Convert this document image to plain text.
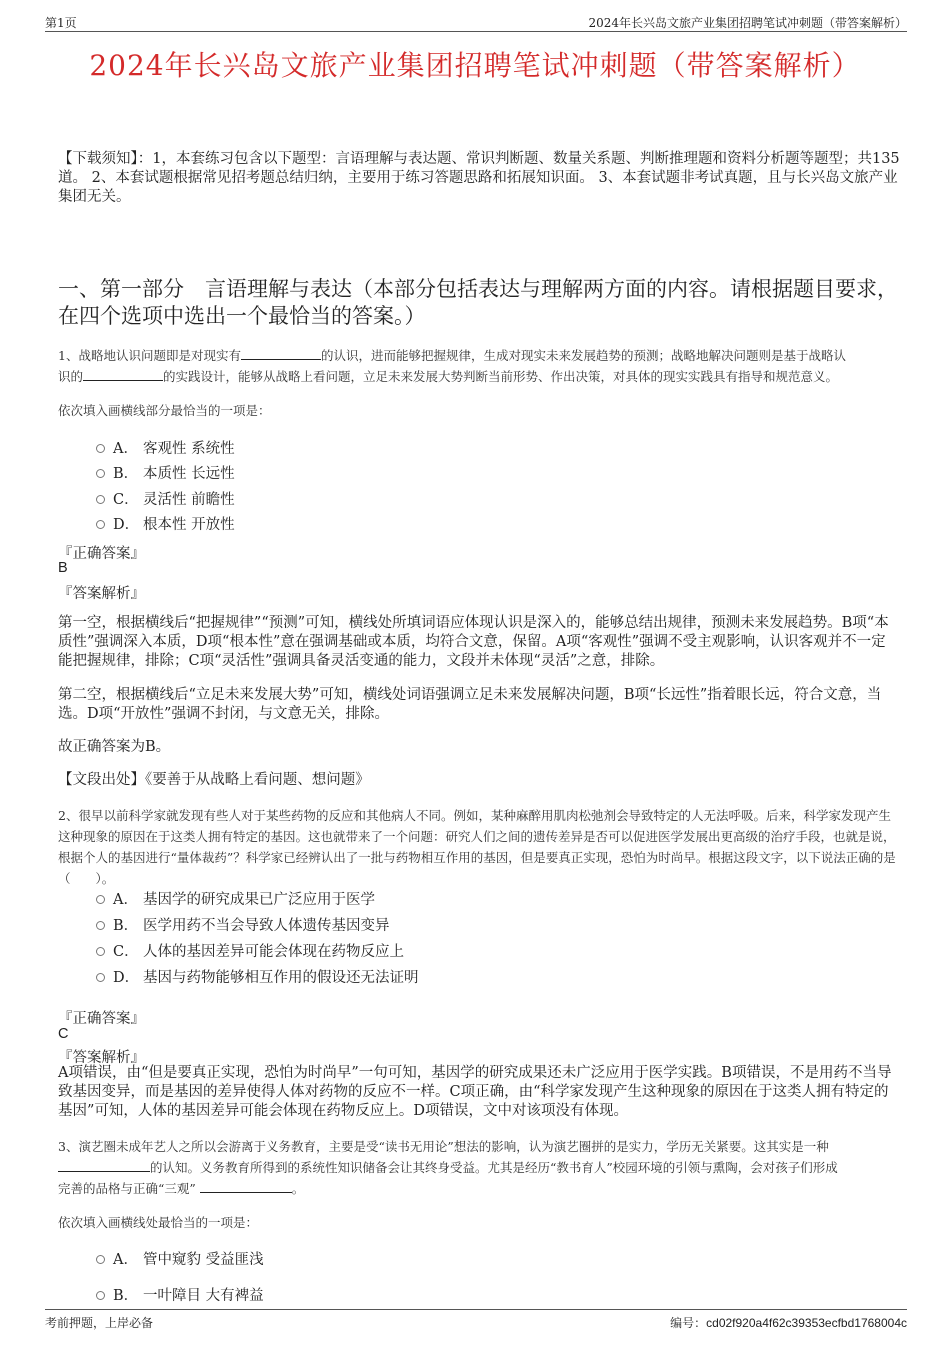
第1页	2024年长兴岛文旅产业集团招聘笔试冲刺题（带答案解析）
2024年长兴岛文旅产业集团招聘笔试冲刺题（带答案解析）
【下载须知】：1，本套练习包含以下题型：言语理解与表达题、常识判断题、数量关系题、判断推理题和资料分析题等题型；共135道。 2、本套试题根据常见招考题总结归纳，主要用于练习答题思路和拓展知识面。 3、本套试题非考试真题，且与长兴岛文旅产业集团无关。
一、第一部分　言语理解与表达（本部分包括表达与理解两方面的内容。请根据题目要求，在四个选项中选出一个最恰当的答案。）
1、战略地认识问题即是对现实有	的认识，进而能够把握规律，生成对现实未来发展趋势的预测；战略地解决问题则是基于战略认
识的	的实践设计，能够从战略上看问题，立足未来发展大势判断当前形势、作出决策，对具体的现实实践具有指导和规范意义。
依次填入画横线部分最恰当的一项是：
A． 客观性 系统性
B． 本质性 长远性
C． 灵活性 前瞻性
D． 根本性 开放性
『正确答案』
B
『答案解析』
第一空，根据横线后“把握规律”“预测”可知，横线处所填词语应体现认识是深入的，能够总结出规律，预测未来发展趋势。B项“本质性”强调深入本质，D项“根本性”意在强调基础或本质，均符合文意，保留。A项“客观性”强调不受主观影响，认识客观并不一定能把握规律，排除；C项“灵活性”强调具备灵活变通的能力，文段并未体现“灵活”之意，排除。
第二空，根据横线后“立足未来发展大势”可知，横线处词语强调立足未来发展解决问题，B项“长远性”指着眼长远，符合文意，当选。D项“开放性”强调不封闭，与文意无关，排除。
故正确答案为B。
【文段出处】《要善于从战略上看问题、想问题》
2、很早以前科学家就发现有些人对于某些药物的反应和其他病人不同。例如，某种麻醉用肌肉松弛剂会导致特定的人无法呼吸。后来，科学家发现产生这种现象的原因在于这类人拥有特定的基因。这也就带来了一个问题：研究人们之间的遗传差异是否可以促进医学发展出更高级的治疗手段，也就是说，根据个人的基因进行“量体裁药”？科学家已经辨认出了一批与药物相互作用的基因，但是要真正实现，恐怕为时尚早。根据这段文字，以下说法正确的是（　　）。
A． 基因学的研究成果已广泛应用于医学
B． 医学用药不当会导致人体遗传基因变异
C． 人体的基因差异可能会体现在药物反应上
D． 基因与药物能够相互作用的假设还无法证明
『正确答案』
C
『答案解析』
A项错误，由“但是要真正实现，恐怕为时尚早”一句可知，基因学的研究成果还未广泛应用于医学实践。B项错误，不是用药不当导致基因变异，而是基因的差异使得人体对药物的反应不一样。C项正确，由“科学家发现产生这种现象的原因在于这类人拥有特定的基因”可知，人体的基因差异可能会体现在药物反应上。D项错误，文中对该项没有体现。
3、演艺圈未成年艺人之所以会游离于义务教育，主要是受“读书无用论”想法的影响，认为演艺圈拼的是实力，学历无关紧要。这其实是一种
的认知。义务教育所得到的系统性知识储备会让其终身受益。尤其是经历“教书育人”校园环境的引领与熏陶，会对孩子们形成
完善的品格与正确“三观”	。
依次填入画横线处最恰当的一项是：
A． 管中窥豹 受益匪浅
B． 一叶障目 大有裨益
考前押题，上岸必备	编号：cd02f920a4f62c39353ecfbd1768004c
